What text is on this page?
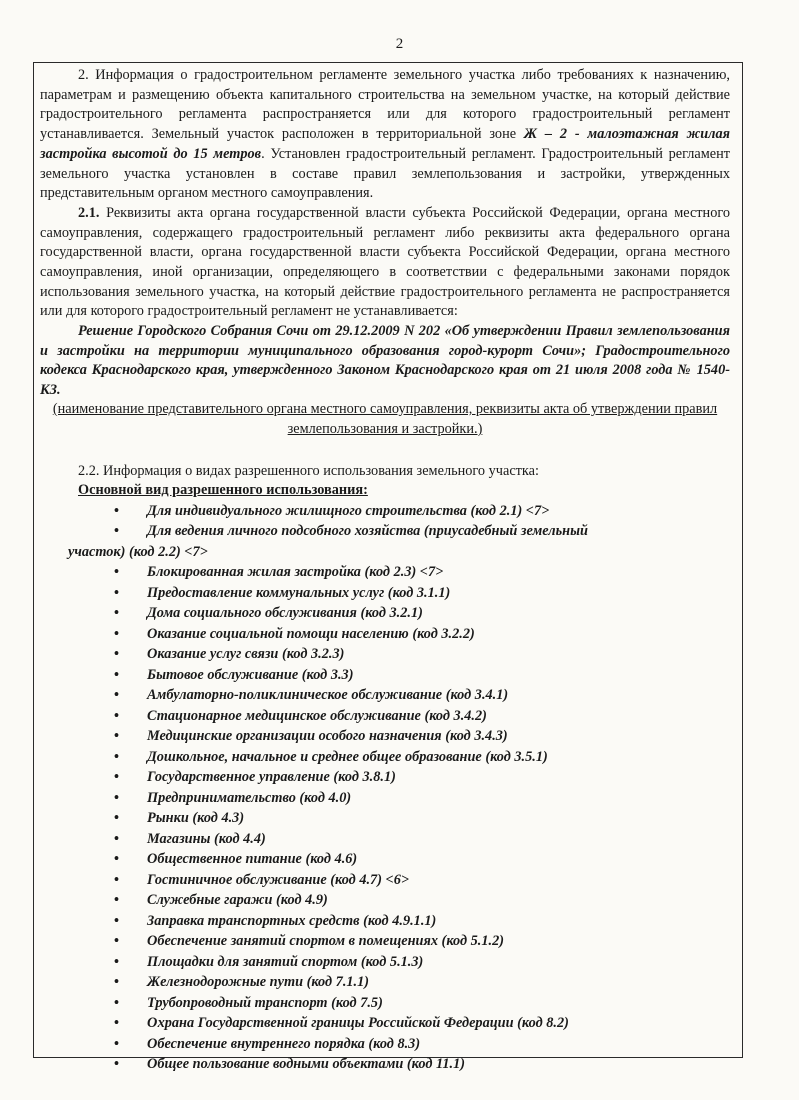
2

2. Информация о градостроительном регламенте земельного участка либо требованиях к назначению, параметрам и размещению объекта капитального строительства на земельном участке, на который действие градостроительного регламента распространяется или для которого градостроительный регламент устанавливается. Земельный участок расположен в территориальной зоне Ж – 2 - малоэтажная жилая застройка высотой до 15 метров. Установлен градостроительный регламент. Градостроительный регламент земельного участка установлен в составе правил землепользования и застройки, утвержденных представительным органом местного самоуправления.

2.1. Реквизиты акта органа государственной власти субъекта Российской Федерации, органа местного самоуправления, содержащего градостроительный регламент либо реквизиты акта федерального органа государственной власти, органа государственной власти субъекта Российской Федерации, органа местного самоуправления, иной организации, определяющего в соответствии с федеральными законами порядок использования земельного участка, на который действие градостроительного регламента не распространяется или для которого градостроительный регламент не устанавливается:

Решение Городского Собрания Сочи от 29.12.2009 N 202 «Об утверждении Правил землепользования и застройки на территории муниципального образования город-курорт Сочи»; Градостроительного кодекса Краснодарского края, утвержденного Законом Краснодарского края от 21 июля 2008 года № 1540-КЗ.

(наименование представительного органа местного самоуправления, реквизиты акта об утверждении правил землепользования и застройки.)

2.2. Информация о видах разрешенного использования земельного участка:

Основной вид разрешенного использования:
• Для индивидуального жилищного строительства (код 2.1) <7>
• Для ведения личного подсобного хозяйства (приусадебный земельный
участок) (код 2.2) <7>
• Блокированная жилая застройка (код 2.3) <7>
• Предоставление коммунальных услуг (код 3.1.1)
• Дома социального обслуживания (код 3.2.1)
• Оказание социальной помощи населению (код 3.2.2)
• Оказание услуг связи (код 3.2.3)
• Бытовое обслуживание (код 3.3)
• Амбулаторно-поликлиническое обслуживание (код 3.4.1)
• Стационарное медицинское обслуживание (код 3.4.2)
• Медицинские организации особого назначения (код 3.4.3)
• Дошкольное, начальное и среднее общее образование (код 3.5.1)
• Государственное управление (код 3.8.1)
• Предпринимательство (код 4.0)
• Рынки (код 4.3)
• Магазины (код 4.4)
• Общественное питание (код 4.6)
• Гостиничное обслуживание (код 4.7) <6>
• Служебные гаражи (код 4.9)
• Заправка транспортных средств (код 4.9.1.1)
• Обеспечение занятий спортом в помещениях (код 5.1.2)
• Площадки для занятий спортом (код 5.1.3)
• Железнодорожные пути (код 7.1.1)
• Трубопроводный транспорт (код 7.5)
• Охрана Государственной границы Российской Федерации (код 8.2)
• Обеспечение внутреннего порядка (код 8.3)
• Общее пользование водными объектами (код 11.1)
